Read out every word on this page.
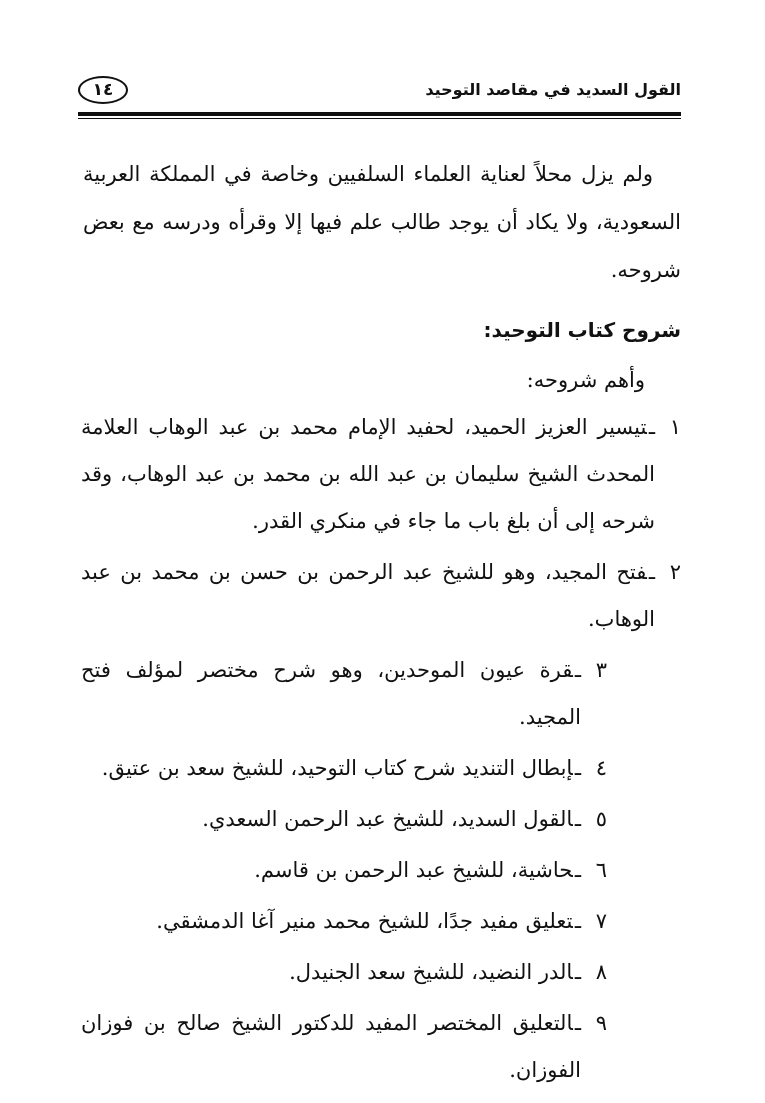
القول السديد في مقاصد التوحيد
١٤

ولم يزل محلاً لعناية العلماء السلفيين وخاصة في المملكة العربية السعودية، ولا يكاد أن يوجد طالب علم فيها إلا وقرأه ودرسه مع بعض شروحه.

شروح كتاب التوحيد:
وأهم شروحه:
١
ـتيسير العزيز الحميد، لحفيد الإمام محمد بن عبد الوهاب العلامة المحدث الشيخ سليمان بن عبد الله بن محمد بن عبد الوهاب، وقد شرحه إلى أن بلغ باب ما جاء في منكري القدر.
٢
ـفتح المجيد، وهو للشيخ عبد الرحمن بن حسن بن محمد بن عبد الوهاب.
٣
ـقرة عيون الموحدين، وهو شرح مختصر لمؤلف فتح المجيد.
٤
ـإبطال التنديد شرح كتاب التوحيد، للشيخ سعد بن عتيق.
٥
ـالقول السديد، للشيخ عبد الرحمن السعدي.
٦
ـحاشية، للشيخ عبد الرحمن بن قاسم.
٧
ـتعليق مفيد جدًا، للشيخ محمد منير آغا الدمشقي.
٨
ـالدر النضيد، للشيخ سعد الجنيدل.
٩
ـالتعليق المختصر المفيد للدكتور الشيخ صالح بن فوزان الفوزان.
